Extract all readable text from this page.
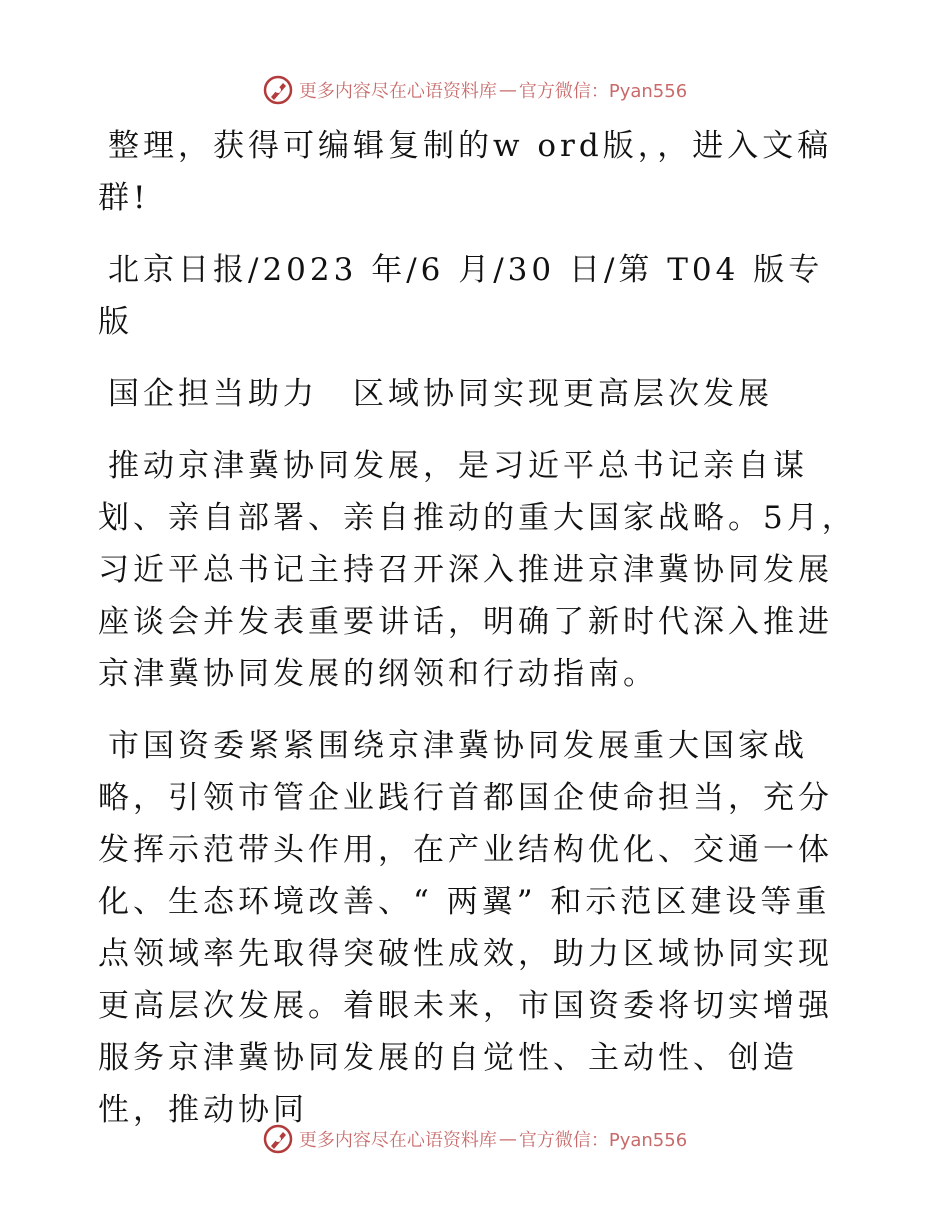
更多内容尽在心语资料库 — 官方微信：Pyan556

整理，获得可编辑复制的w ord版，，进入文稿群!

北京日报/2023 年/6 月/30 日/第 T04 版专版

国企担当助力　区域协同实现更高层次发展

推动京津冀协同发展，是习近平总书记亲自谋划、亲自部署、亲自推动的重大国家战略。5月，习近平总书记主持召开深入推进京津冀协同发展座谈会并发表重要讲话，明确了新时代深入推进京津冀协同发展的纲领和行动指南。

市国资委紧紧围绕京津冀协同发展重大国家战略，引领市管企业践行首都国企使命担当，充分发挥示范带头作用，在产业结构优化、交通一体化、生态环境改善、“ 两翼” 和示范区建设等重点领域率先取得突破性成效，助力区域协同实现更高层次发展。着眼未来，市国资委将切实增强服务京津冀协同发展的自觉性、主动性、创造性，推动协同

更多内容尽在心语资料库 — 官方微信：Pyan556
